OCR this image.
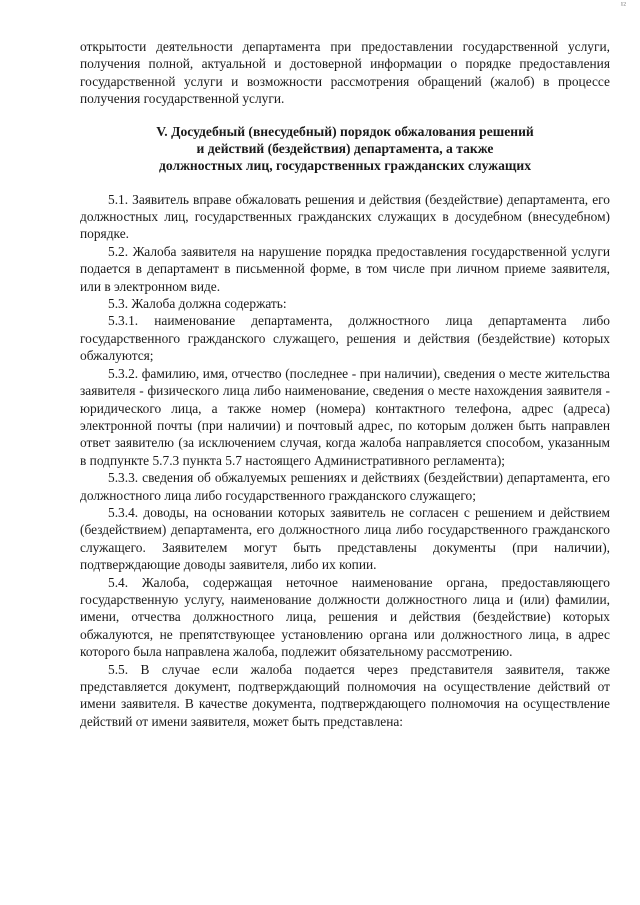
¹²

открытости деятельности департамента при предоставлении государственной услуги, получения полной, актуальной и достоверной информации о порядке предоставления государственной услуги и возможности рассмотрения обращений (жалоб) в процессе получения государственной услуги.

V. Досудебный (внесудебный) порядок обжалования решений
и действий (бездействия) департамента, а также
должностных лиц, государственных гражданских служащих

5.1. Заявитель вправе обжаловать решения и действия (бездействие) департамента, его должностных лиц, государственных гражданских служащих в досудебном (внесудебном) порядке.

5.2. Жалоба заявителя на нарушение порядка предоставления государственной услуги подается в департамент в письменной форме, в том числе при личном приеме заявителя, или в электронном виде.

5.3. Жалоба должна содержать:

5.3.1. наименование департамента, должностного лица департамента либо государственного гражданского служащего, решения и действия (бездействие) которых обжалуются;

5.3.2. фамилию, имя, отчество (последнее - при наличии), сведения о месте жительства заявителя - физического лица либо наименование, сведения о месте нахождения заявителя - юридического лица, а также номер (номера) контактного телефона, адрес (адреса) электронной почты (при наличии) и почтовый адрес, по которым должен быть направлен ответ заявителю (за исключением случая, когда жалоба направляется способом, указанным в подпункте 5.7.3 пункта 5.7 настоящего Административного регламента);

5.3.3. сведения об обжалуемых решениях и действиях (бездействии) департамента, его должностного лица либо государственного гражданского служащего;

5.3.4. доводы, на основании которых заявитель не согласен с решением и действием (бездействием) департамента, его должностного лица либо государственного гражданского служащего. Заявителем могут быть представлены документы (при наличии), подтверждающие доводы заявителя, либо их копии.

5.4. Жалоба, содержащая неточное наименование органа, предоставляющего государственную услугу, наименование должности должностного лица и (или) фамилии, имени, отчества должностного лица, решения и действия (бездействие) которых обжалуются, не препятствующее установлению органа или должностного лица, в адрес которого была направлена жалоба, подлежит обязательному рассмотрению.

5.5. В случае если жалоба подается через представителя заявителя, также представляется документ, подтверждающий полномочия на осуществление действий от имени заявителя. В качестве документа, подтверждающего полномочия на осуществление действий от имени заявителя, может быть представлена:
